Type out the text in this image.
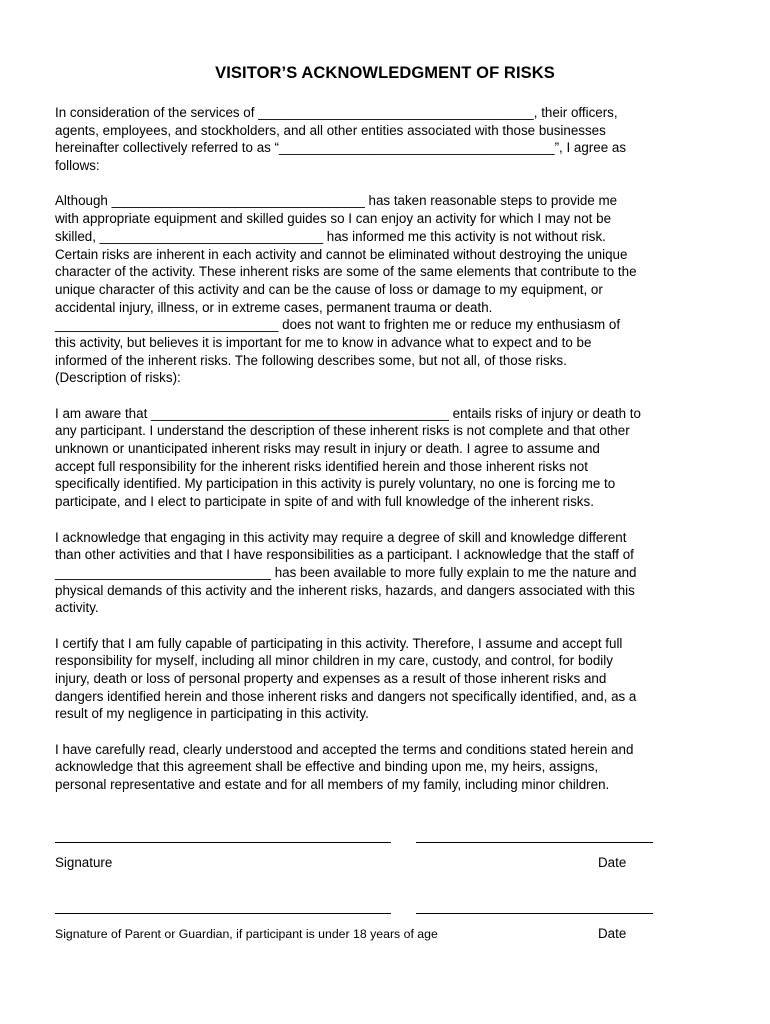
VISITOR’S ACKNOWLEDGMENT OF RISKS

In consideration of the services of _____________________________________, their officers,
agents, employees, and stockholders, and all other entities associated with those businesses
hereinafter collectively referred to as “_____________________________________”, I agree as
follows:

Although __________________________________ has taken reasonable steps to provide me
with appropriate equipment and skilled guides so I can enjoy an activity for which I may not be
skilled, ______________________________ has informed me this activity is not without risk.
Certain risks are inherent in each activity and cannot be eliminated without destroying the unique
character of the activity. These inherent risks are some of the same elements that contribute to the
unique character of this activity and can be the cause of loss or damage to my equipment, or
accidental injury, illness, or in extreme cases, permanent trauma or death.
______________________________ does not want to frighten me or reduce my enthusiasm of
this activity, but believes it is important for me to know in advance what to expect and to be
informed of the inherent risks. The following describes some, but not all, of those risks.
(Description of risks):

I am aware that ________________________________________ entails risks of injury or death to
any participant. I understand the description of these inherent risks is not complete and that other
unknown or unanticipated inherent risks may result in injury or death. I agree to assume and
accept full responsibility for the inherent risks identified herein and those inherent risks not
specifically identified. My participation in this activity is purely voluntary, no one is forcing me to
participate, and I elect to participate in spite of and with full knowledge of the inherent risks.

I acknowledge that engaging in this activity may require a degree of skill and knowledge different
than other activities and that I have responsibilities as a participant. I acknowledge that the staff of
_____________________________ has been available to more fully explain to me the nature and
physical demands of this activity and the inherent risks, hazards, and dangers associated with this
activity.

I certify that I am fully capable of participating in this activity. Therefore, I assume and accept full
responsibility for myself, including all minor children in my care, custody, and control, for bodily
injury, death or loss of personal property and expenses as a result of those inherent risks and
dangers identified herein and those inherent risks and dangers not specifically identified, and, as a
result of my negligence in participating in this activity.

I have carefully read, clearly understood and accepted the terms and conditions stated herein and
acknowledge that this agreement shall be effective and binding upon me, my heirs, assigns,
personal representative and estate and for all members of my family, including minor children.

Signature	Date
Signature of Parent or Guardian, if participant is under 18 years of age	Date
